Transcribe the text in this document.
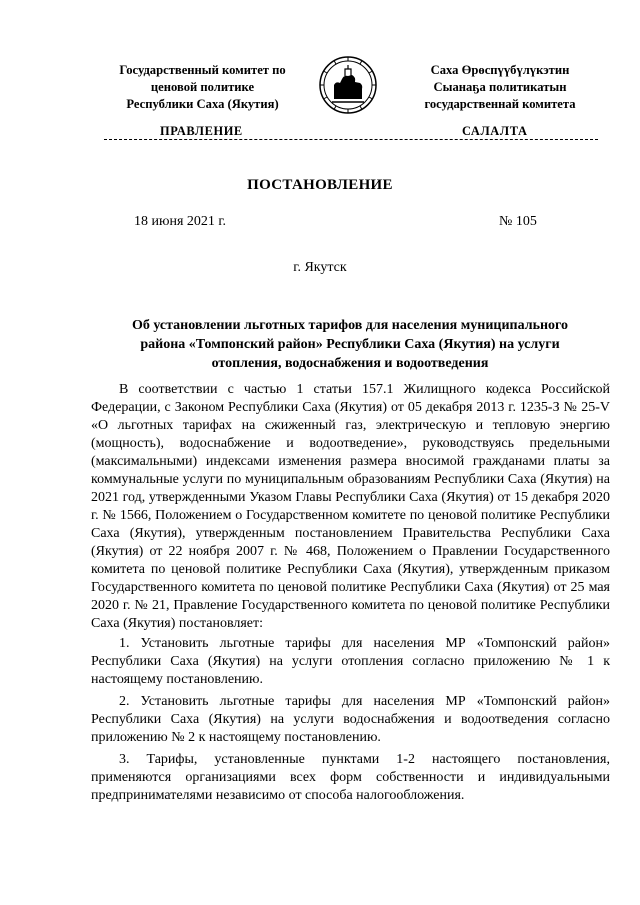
Государственный комитет по
ценовой политике
Республики Саха (Якутия)
Саха Өрөспүүбүлүкэтин
Сыанаҕа политикатын
государственнай комитета
ПРАВЛЕНИЕ	САЛАЛТА
ПОСТАНОВЛЕНИЕ
18 июня 2021 г.	№ 105
г. Якутск
Об установлении льготных тарифов для населения муниципального
района «Томпонский район» Республики Саха (Якутия) на услуги
отопления, водоснабжения и водоотведения

В соответствии с частью 1 статьи 157.1 Жилищного кодекса Российской Федерации, с Законом Республики Саха (Якутия) от 05 декабря 2013 г. 1235-З № 25-V «О льготных тарифах на сжиженный газ, электрическую и тепловую энергию (мощность), водоснабжение и водоотведение», руководствуясь предельными (максимальными) индексами изменения размера вносимой гражданами платы за коммунальные услуги по муниципальным образованиям Республики Саха (Якутия) на 2021 год, утвержденными Указом Главы Республики Саха (Якутия) от 15 декабря 2020 г. № 1566, Положением о Государственном комитете по ценовой политике Республики Саха (Якутия), утвержденным постановлением Правительства Республики Саха (Якутия) от 22 ноября 2007 г. № 468, Положением о Правлении Государственного комитета по ценовой политике Республики Саха (Якутия), утвержденным приказом Государственного комитета по ценовой политике Республики Саха (Якутия) от 25 мая 2020 г. № 21, Правление Государственного комитета по ценовой политике Республики Саха (Якутия) постановляет:

1. Установить льготные тарифы для населения МР «Томпонский район» Республики Саха (Якутия) на услуги отопления согласно приложению № 1 к настоящему постановлению.

2. Установить льготные тарифы для населения МР «Томпонский район» Республики Саха (Якутия) на услуги водоснабжения и водоотведения согласно приложению № 2 к настоящему постановлению.

3. Тарифы, установленные пунктами 1-2 настоящего постановления, применяются организациями всех форм собственности и индивидуальными предпринимателями независимо от способа налогообложения.
